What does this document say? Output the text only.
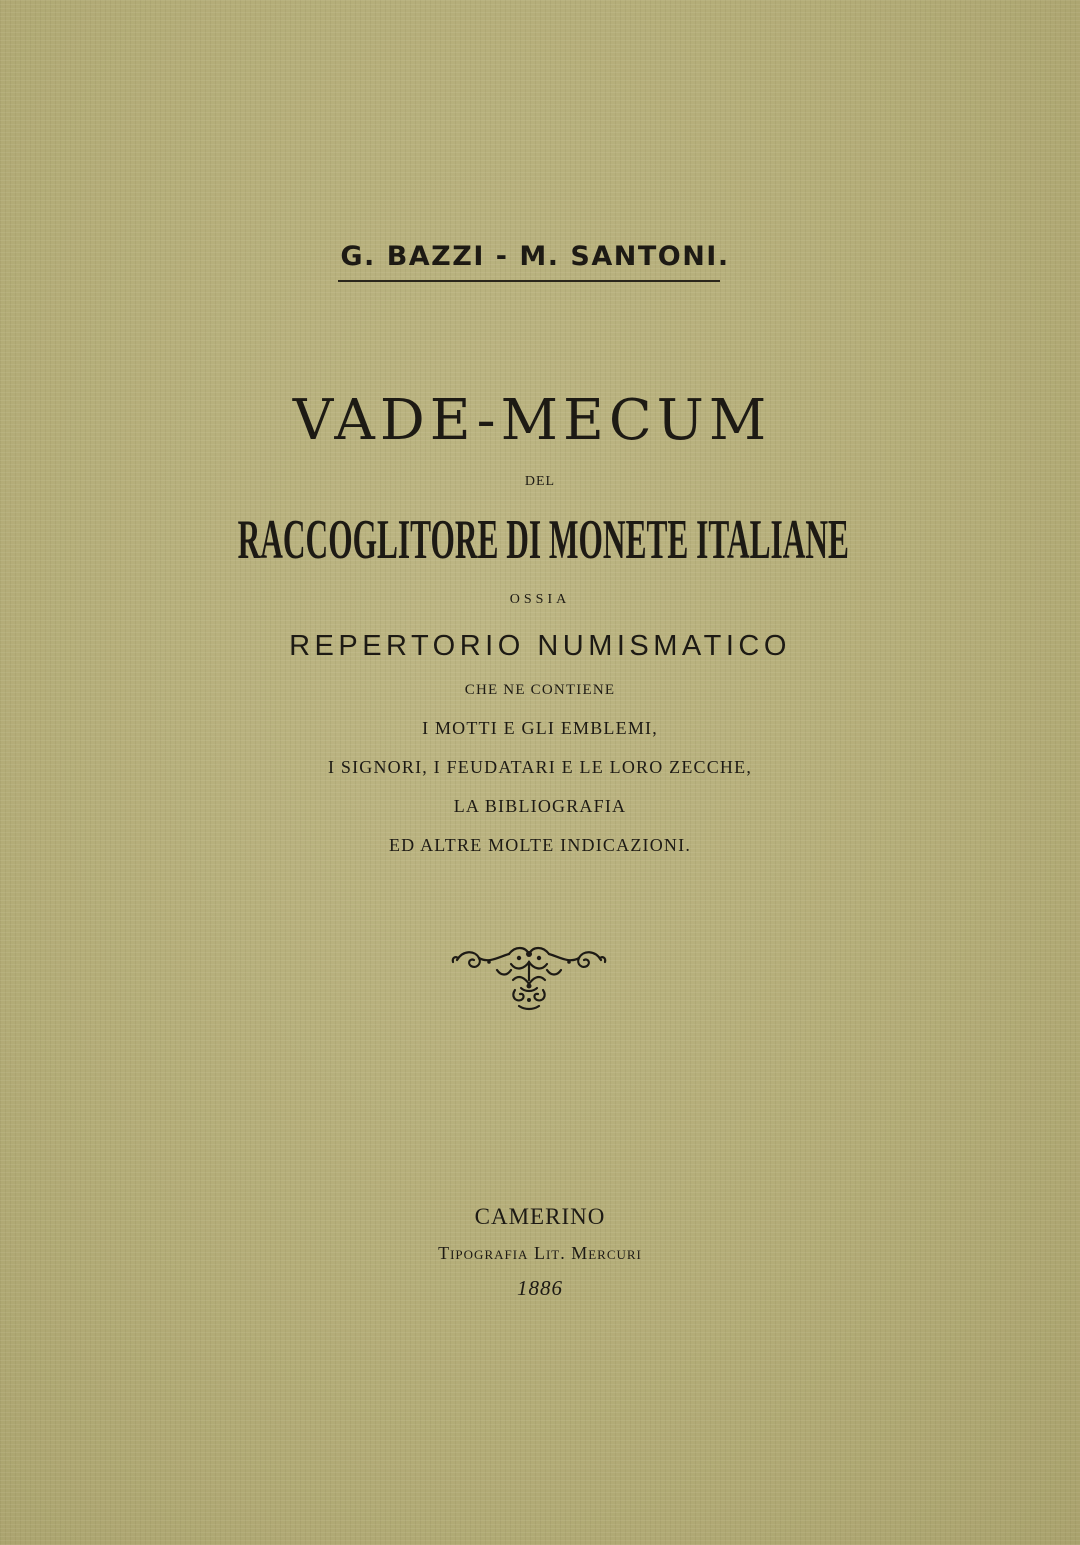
G. BAZZI - M. SANTONI.
VADE-MECUM
DEL
RACCOGLITORE DI MONETE ITALIANE
OSSIA
REPERTORIO NUMISMATICO
CHE NE CONTIENE
I MOTTI E GLI EMBLEMI,
I SIGNORI, I FEUDATARI E LE LORO ZECCHE,
LA BIBLIOGRAFIA
ED ALTRE MOLTE INDICAZIONI.
CAMERINO
Tipografia Lit. Mercuri
1886
